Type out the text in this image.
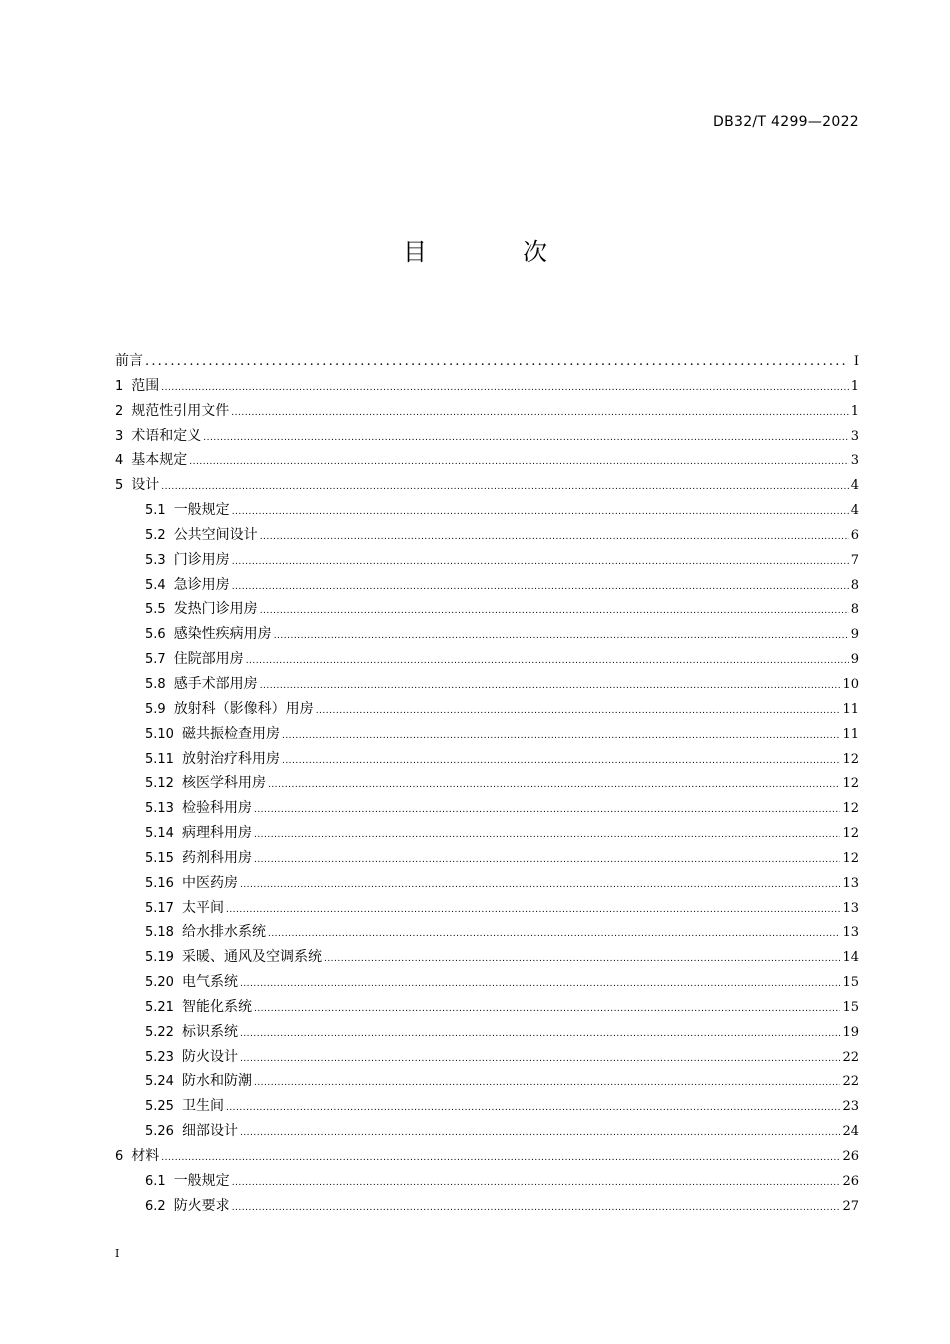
DB32/T 4299—2022
目　次
前言 .....	I
1 范围 .....	1
2 规范性引用文件 .....	1
3 术语和定义 .....	3
4 基本规定 .....	3
5 设计 .....	4
5.1 一般规定 .....	4
5.2 公共空间设计 .....	6
5.3 门诊用房 .....	7
5.4 急诊用房 .....	8
5.5 发热门诊用房 .....	8
5.6 感染性疾病用房 .....	9
5.7 住院部用房 .....	9
5.8 感手术部用房 .....	10
5.9 放射科（影像科）用房 .....	11
5.10 磁共振检查用房 .....	11
5.11 放射治疗科用房 .....	12
5.12 核医学科用房 .....	12
5.13 检验科用房 .....	12
5.14 病理科用房 .....	12
5.15 药剂科用房 .....	12
5.16 中医药房 .....	13
5.17 太平间 .....	13
5.18 给水排水系统 .....	13
5.19 采暖、通风及空调系统 .....	14
5.20 电气系统 .....	15
5.21 智能化系统 .....	15
5.22 标识系统 .....	19
5.23 防火设计 .....	22
5.24 防水和防潮 .....	22
5.25 卫生间 .....	23
5.26 细部设计 .....	24
6 材料 .....	26
6.1 一般规定 .....	26
6.2 防火要求 .....	27
I
